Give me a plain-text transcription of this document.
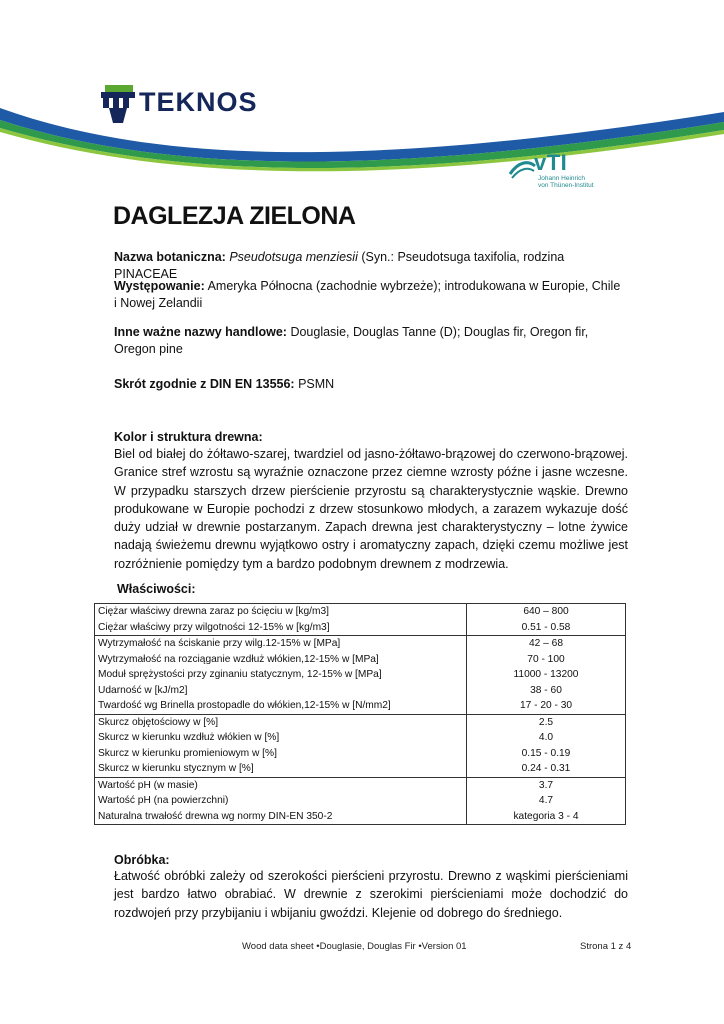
TEKNOS
vTI
Johann Heinrich
von Thünen-Institut
DAGLEZJA ZIELONA
Nazwa botaniczna: Pseudotsuga menziesii (Syn.: Pseudotsuga taxifolia, rodzina PINACEAE
Występowanie: Ameryka Północna (zachodnie wybrzeże); introdukowana w Europie, Chile i Nowej Zelandii
Inne ważne nazwy handlowe: Douglasie, Douglas Tanne (D); Douglas fir, Oregon fir, Oregon pine
Skrót zgodnie z DIN EN 13556: PSMN
Kolor i struktura drewna:
Biel od białej do żółtawo-szarej, twardziel od jasno-żółtawo-brązowej do czerwono-brązowej. Granice stref wzrostu są wyraźnie oznaczone przez ciemne wzrosty późne i jasne wczesne. W przypadku starszych drzew pierścienie przyrostu są charakterystycznie wąskie. Drewno produkowane w Europie pochodzi z drzew stosunkowo młodych, a zarazem wykazuje dość duży udział w drewnie postarzanym. Zapach drewna jest charakterystyczny – lotne żywice nadają świeżemu drewnu wyjątkowo ostry i aromatyczny zapach, dzięki czemu możliwe jest rozróżnienie pomiędzy tym a bardzo podobnym drewnem z modrzewia.
Właściwości:
Ciężar właściwy drewna zaraz po ścięciu w [kg/m3]	640 – 800
Ciężar właściwy przy wilgotności 12-15% w [kg/m3]	0.51 - 0.58
Wytrzymałość na ściskanie przy wilg.12-15% w [MPa]	42 – 68
Wytrzymałość na rozciąganie wzdłuż włókien,12-15% w [MPa]	70 - 100
Moduł sprężystości przy zginaniu statycznym, 12-15% w [MPa]	11000 - 13200
Udarność w [kJ/m2]	38 - 60
Twardość wg Brinella prostopadle do włókien,12-15% w [N/mm2]	17 - 20 - 30
Skurcz objętościowy w [%]	2.5
Skurcz w kierunku wzdłuż włókien w [%]	4.0
Skurcz w kierunku promieniowym w [%]	0.15 - 0.19
Skurcz w kierunku stycznym w [%]	0.24 - 0.31
Wartość pH (w masie)	3.7
Wartość pH (na powierzchni)	4.7
Naturalna trwałość drewna wg normy DIN-EN 350-2	kategoria 3 - 4
Obróbka:
Łatwość obróbki zależy od szerokości pierścieni przyrostu. Drewno z wąskimi pierścieniami jest bardzo łatwo obrabiać. W drewnie z szerokimi pierścieniami może dochodzić do rozdwojeń przy przybijaniu i wbijaniu gwoździ. Klejenie od dobrego do średniego.
Wood data sheet •Douglasie, Douglas Fir •Version 01	Strona 1 z 4
